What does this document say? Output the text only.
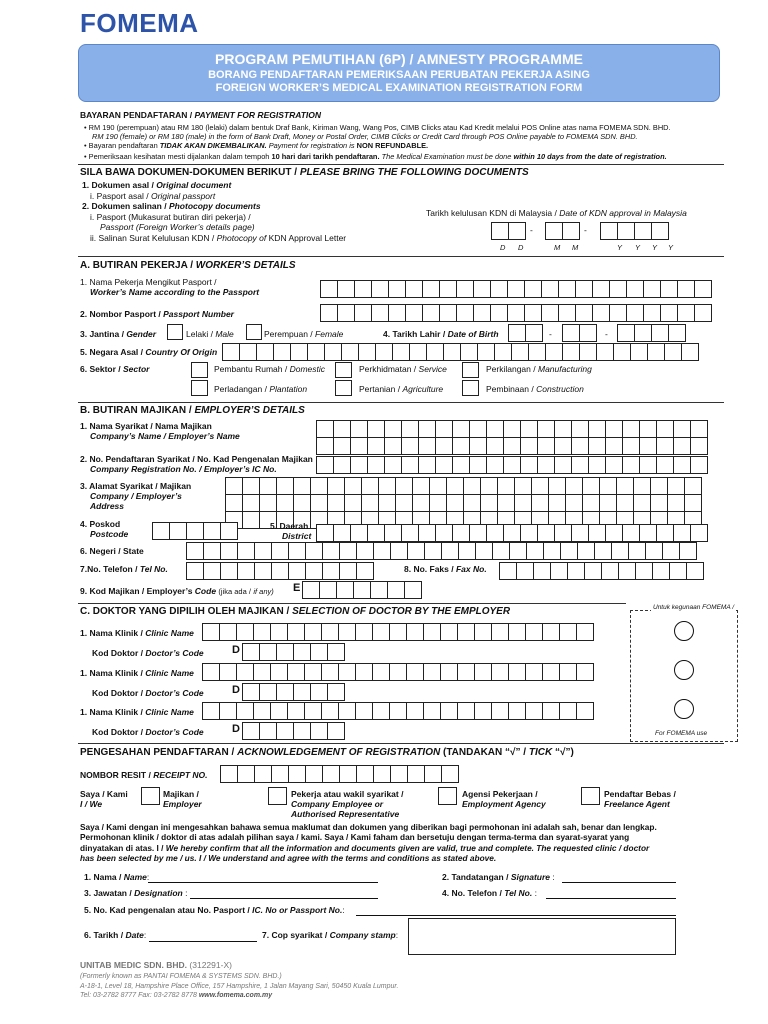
FOMEMA
PROGRAM PEMUTIHAN (6P) / AMNESTY PROGRAMME
BORANG PENDAFTARAN PEMERIKSAAN PERUBATAN PEKERJA ASING
FOREIGN WORKER’S MEDICAL EXAMINATION REGISTRATION FORM
BAYARAN PENDAFTARAN / PAYMENT FOR REGISTRATION
• RM 190 (perempuan) atau RM 180 (lelaki) dalam bentuk Draf Bank, Kiriman Wang, Wang Pos, CIMB Clicks atau Kad Kredit melalui POS Online atas nama FOMEMA SDN. BHD.
RM 190 (female) or RM 180 (male) in the form of Bank Draft, Money or Postal Order, CIMB Clicks or Credit Card through POS Online payable to FOMEMA SDN. BHD.
• Bayaran pendaftaran TIDAK AKAN DIKEMBALIKAN. Payment for registration is NON REFUNDABLE.
• Pemeriksaan kesihatan mesti dijalankan dalam tempoh 10 hari dari tarikh pendaftaran. The Medical Examination must be done within 10 days from the date of registration.
SILA BAWA DOKUMEN-DOKUMEN BERIKUT / PLEASE BRING THE FOLLOWING DOCUMENTS
1. Dokumen asal / Original document
i. Pasport asal / Original passport
2. Dokumen salinan / Photocopy documents
i. Pasport (Mukasurat butiran diri pekerja) /
Passport (Foreign Worker’s details page)
ii. Salinan Surat Kelulusan KDN / Photocopy of KDN Approval Letter
Tarikh kelulusan KDN di Malaysia / Date of KDN approval in Malaysia
-	-
D D	M M	Y Y Y Y
A. BUTIRAN PEKERJA / WORKER’S DETAILS
1. Nama Pekerja Mengikut Pasport /
Worker’s Name according to the Passport
2. Nombor Pasport / Passport Number
3. Jantina / Gender	Lelaki / Male	Perempuan / Female	4. Tarikh Lahir / Date of Birth	-	-
5. Negara Asal / Country Of Origin
6. Sektor / Sector	Pembantu Rumah / Domestic	Perkhidmatan / Service	Perkilangan / Manufacturing
Perladangan / Plantation	Pertanian / Agriculture	Pembinaan / Construction
B. BUTIRAN MAJIKAN / EMPLOYER’S DETAILS
1. Nama Syarikat / Nama Majikan
Company’s Name / Employer’s Name
2. No. Pendaftaran Syarikat / No. Kad Pengenalan Majikan
Company Registration No. / Employer’s IC No.
3. Alamat Syarikat / Majikan
Company / Employer’s
Address
4. Poskod
Postcode
5. Daerah
District
6. Negeri / State
7.No. Telefon / Tel No.	8. No. Faks / Fax No.
9. Kod Majikan / Employer’s Code (jika ada / if any) E
C. DOKTOR YANG DIPILIH OLEH MAJIKAN / SELECTION OF DOCTOR BY THE EMPLOYER	Untuk kegunaan FOMEMA /
For FOMEMA use
1. Nama Klinik / Clinic Name
Kod Doktor / Doctor’s Code	D
1. Nama Klinik / Clinic Name
Kod Doktor / Doctor’s Code	D
1. Nama Klinik / Clinic Name
Kod Doktor / Doctor’s Code	D
PENGESAHAN PENDAFTARAN / ACKNOWLEDGEMENT OF REGISTRATION (TANDAKAN “√” / TICK “√”)
NOMBOR RESIT / RECEIPT NO.
Saya / Kami
I / We
Majikan /
Employer
Pekerja atau wakil syarikat /
Company Employee or
Authorised Representative
Agensi Pekerjaan /
Employment Agency
Pendaftar Bebas /
Freelance Agent
Saya / Kami dengan ini mengesahkan bahawa semua maklumat dan dokumen yang diberikan bagi permohonan ini adalah sah, benar dan lengkap.
Permohonan klinik / doktor di atas adalah pilihan saya / kami. Saya / Kami faham dan bersetuju dengan terma-terma dan syarat-syarat yang
dinyatakan di atas. I / We hereby confirm that all the information and documents given are valid, true and complete. The requested clinic / doctor
has been selected by me / us. I / We understand and agree with the terms and conditions as stated above.
1. Nama / Name:	2. Tandatangan / Signature :
3. Jawatan / Designation :	4. No. Telefon / Tel No. :
5. No. Kad pengenalan atau No. Pasport / IC. No or Passport No.:
6. Tarikh / Date:	7. Cop syarikat / Company stamp:
UNITAB MEDIC SDN. BHD. (312291-X)
(Formerly known as PANTAI FOMEMA & SYSTEMS SDN. BHD.)
A-18-1, Level 18, Hampshire Place Office, 157 Hampshire, 1 Jalan Mayang Sari, 50450 Kuala Lumpur.
Tel: 03-2782 8777 Fax: 03-2782 8778 www.fomema.com.my
